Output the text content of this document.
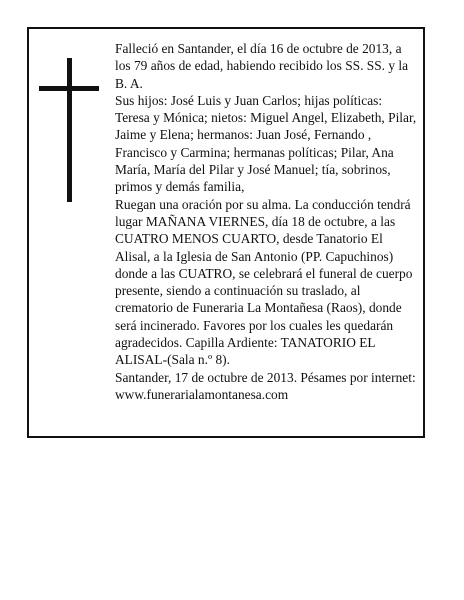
Falleció en Santander, el día 16 de octubre de 2013, a los 79 años de edad, habiendo recibido los SS. SS. y la B. A.

Sus hijos: José Luis y Juan Carlos; hijas políticas: Teresa y Mónica; nietos: Miguel Angel, Elizabeth, Pilar, Jaime y Elena; hermanos: Juan José, Fernando , Francisco y Carmina; hermanas políticas; Pilar, Ana María, María del Pilar y José Manuel; tía, sobrinos, primos y demás familia,

Ruegan una oración por su alma. La conducción tendrá lugar MAÑANA VIERNES, día 18 de octubre, a las CUATRO MENOS CUARTO, desde Tanatorio El Alisal, a la Iglesia de San Antonio (PP. Capuchinos) donde a las CUATRO, se celebrará el funeral de cuerpo presente, siendo a continuación su traslado, al crematorio de Funeraria La Montañesa (Raos), donde será incinerado. Favores por los cuales les quedarán agradecidos. Capilla Ardiente: TANATORIO EL ALISAL-(Sala n.º 8).

Santander, 17 de octubre de 2013. Pésames por internet: www.funerarialamontanesa.com
